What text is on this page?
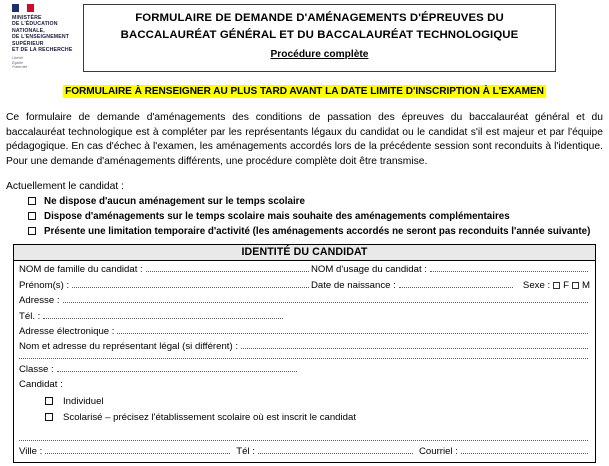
MINISTÈRE
DE L'ÉDUCATION
NATIONALE,
DE L'ENSEIGNEMENT
SUPÉRIEUR
ET DE LA RECHERCHE
Liberté
Égalité
Fraternité
FORMULAIRE DE DEMANDE D'AMÉNAGEMENTS D'ÉPREUVES DU
BACCALAURÉAT GÉNÉRAL ET DU BACCALAURÉAT TECHNOLOGIQUE
Procédure complète
FORMULAIRE À RENSEIGNER AU PLUS TARD AVANT LA DATE LIMITE D'INSCRIPTION À L'EXAMEN
Ce formulaire de demande d'aménagements des conditions de passation des épreuves du baccalauréat général et du baccalauréat technologique est à compléter par les représentants légaux du candidat ou le candidat s'il est majeur et par l'équipe pédagogique. En cas d'échec à l'examen, les aménagements accordés lors de la précédente session sont reconduits à l'identique. Pour une demande d'aménagements différents, une procédure complète doit être transmise.
Actuellement le candidat :
Ne dispose d'aucun aménagement sur le temps scolaire
Dispose d'aménagements sur le temps scolaire mais souhaite des aménagements complémentaires
Présente une limitation temporaire d'activité (les aménagements accordés ne seront pas reconduits l'année suivante)
IDENTITÉ DU CANDIDAT
NOM de famille du candidat :	NOM d'usage du candidat :
Prénom(s) :	Date de naissance :	Sexe : F M
Adresse :
Tél. :
Adresse électronique :
Nom et adresse du représentant légal (si différent) :
Classe :
Candidat :
Individuel
Scolarisé – précisez l'établissement scolaire où est inscrit le candidat
Ville :	Tél :	Courriel :
